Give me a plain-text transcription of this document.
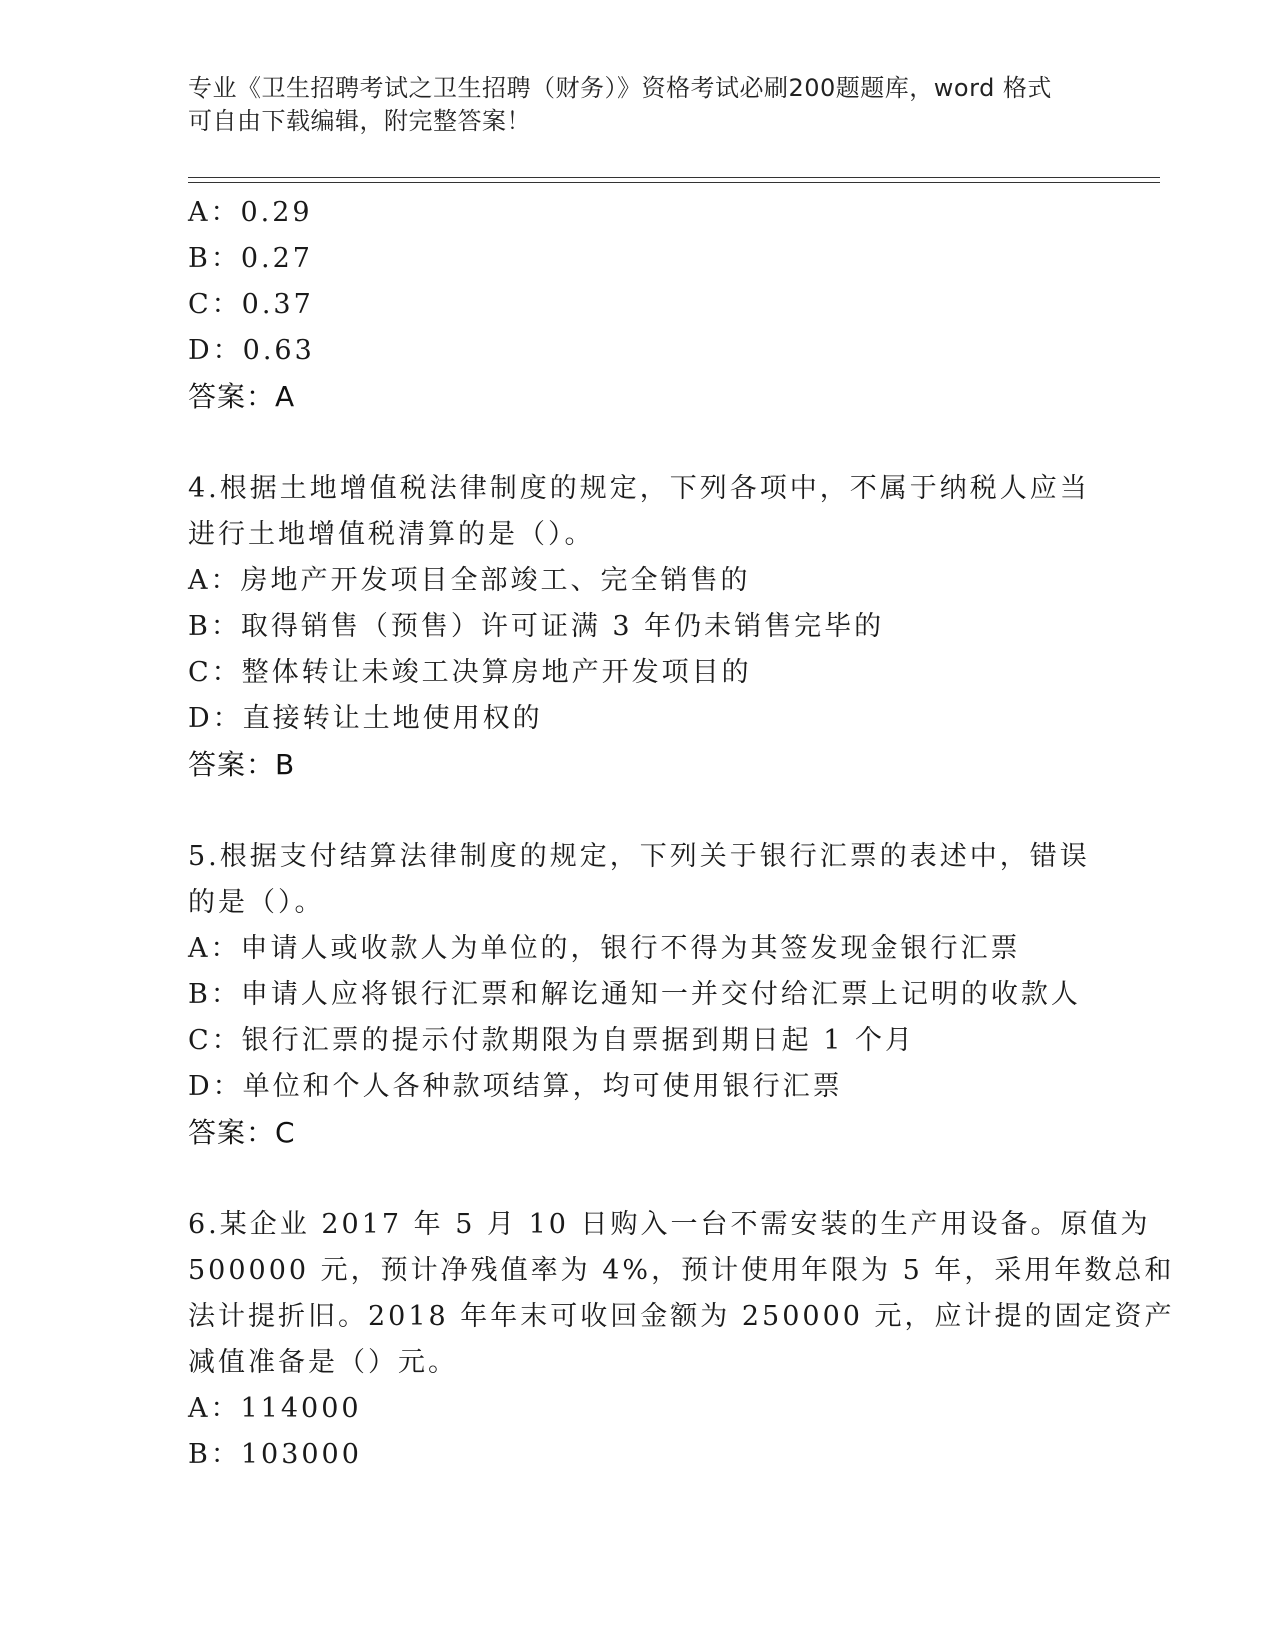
专业《卫生招聘考试之卫生招聘（财务）》资格考试必刷200题题库，word 格式
可自由下载编辑，附完整答案！
A：0.29
B：0.27
C：0.37
D：0.63
答案：A
4.根据土地增值税法律制度的规定，下列各项中，不属于纳税人应当
进行土地增值税清算的是（）。
A：房地产开发项目全部竣工、完全销售的
B：取得销售（预售）许可证满 3 年仍未销售完毕的
C：整体转让未竣工决算房地产开发项目的
D：直接转让土地使用权的
答案：B
5.根据支付结算法律制度的规定，下列关于银行汇票的表述中，错误
的是（）。
A：申请人或收款人为单位的，银行不得为其签发现金银行汇票
B：申请人应将银行汇票和解讫通知一并交付给汇票上记明的收款人
C：银行汇票的提示付款期限为自票据到期日起 1 个月
D：单位和个人各种款项结算，均可使用银行汇票
答案：C
6.某企业 2017 年 5 月 10 日购入一台不需安装的生产用设备。原值为
500000 元，预计净残值率为 4%，预计使用年限为 5 年，采用年数总和
法计提折旧。2018 年年末可收回金额为 250000 元，应计提的固定资产
减值准备是（）元。
A：114000
B：103000
